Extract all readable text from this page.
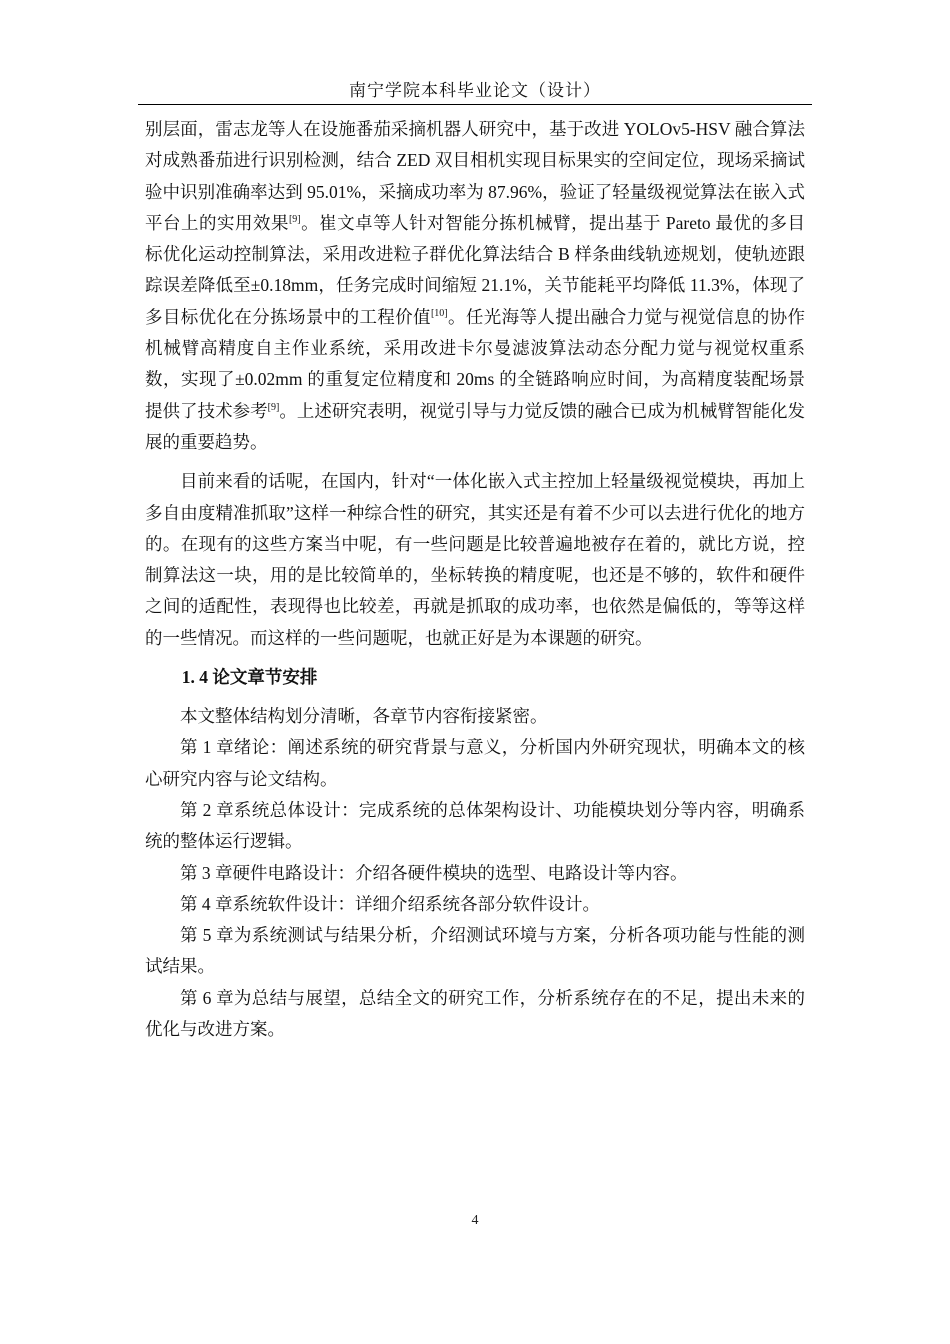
南宁学院本科毕业论文（设计）

别层面，雷志龙等人在设施番茄采摘机器人研究中，基于改进 YOLOv5-HSV 融合算法对成熟番茄进行识别检测，结合 ZED 双目相机实现目标果实的空间定位，现场采摘试验中识别准确率达到 95.01%，采摘成功率为 87.96%，验证了轻量级视觉算法在嵌入式平台上的实用效果[9]。崔文卓等人针对智能分拣机械臂，提出基于 Pareto 最优的多目标优化运动控制算法，采用改进粒子群优化算法结合 B 样条曲线轨迹规划，使轨迹跟踪误差降低至±0.18mm，任务完成时间缩短 21.1%，关节能耗平均降低 11.3%，体现了多目标优化在分拣场景中的工程价值[10]。任光海等人提出融合力觉与视觉信息的协作机械臂高精度自主作业系统，采用改进卡尔曼滤波算法动态分配力觉与视觉权重系数，实现了±0.02mm 的重复定位精度和 20ms 的全链路响应时间，为高精度装配场景提供了技术参考[9]。上述研究表明，视觉引导与力觉反馈的融合已成为机械臂智能化发展的重要趋势。

目前来看的话呢，在国内，针对“一体化嵌入式主控加上轻量级视觉模块，再加上多自由度精准抓取”这样一种综合性的研究，其实还是有着不少可以去进行优化的地方的。在现有的这些方案当中呢，有一些问题是比较普遍地被存在着的，就比方说，控制算法这一块，用的是比较简单的，坐标转换的精度呢，也还是不够的，软件和硬件之间的适配性，表现得也比较差，再就是抓取的成功率，也依然是偏低的，等等这样的一些情况。而这样的一些问题呢，也就正好是为本课题的研究。

1. 4 论文章节安排

本文整体结构划分清晰，各章节内容衔接紧密。

第 1 章绪论：阐述系统的研究背景与意义，分析国内外研究现状，明确本文的核心研究内容与论文结构。

第 2 章系统总体设计：完成系统的总体架构设计、功能模块划分等内容，明确系统的整体运行逻辑。

第 3 章硬件电路设计：介绍各硬件模块的选型、电路设计等内容。

第 4 章系统软件设计：详细介绍系统各部分软件设计。

第 5 章为系统测试与结果分析，介绍测试环境与方案，分析各项功能与性能的测试结果。

第 6 章为总结与展望，总结全文的研究工作，分析系统存在的不足，提出未来的优化与改进方案。

4
